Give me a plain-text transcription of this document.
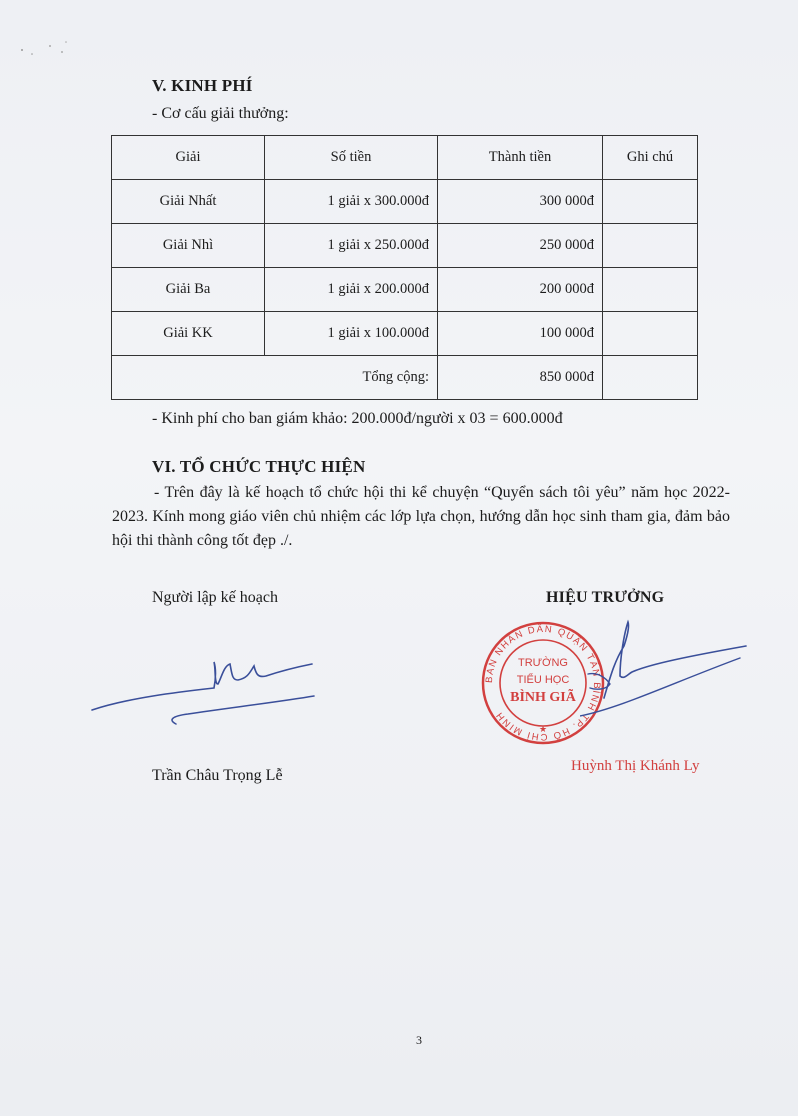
V. KINH PHÍ
- Cơ cấu giải thưởng:
Giải	Số tiền	Thành tiền	Ghi chú
Giải Nhất	1 giải x 300.000đ	300 000đ	
Giải Nhì	1 giải x 250.000đ	250 000đ	
Giải Ba	1 giải x 200.000đ	200 000đ	
Giải KK	1 giải x 100.000đ	100 000đ	
Tổng cộng:		850 000đ	
- Kinh phí cho ban giám khảo: 200.000đ/người x 03 = 600.000đ
VI. TỔ CHỨC THỰC HIỆN
- Trên đây là kế hoạch tổ chức hội thi kể chuyện “Quyển sách tôi yêu” năm học 2022-2023. Kính mong giáo viên chủ nhiệm các lớp lựa chọn, hướng dẫn học sinh tham gia, đảm bảo hội thi thành công tốt đẹp ./.
Người lập kế hoạch	HIỆU TRƯỞNG
BAN NHÂN DÂN QUẬN TÂN BÌNH TP. HỒ CHÍ MINH
TRƯỜNG
TIỂU HỌC
BÌNH GIÃ
★
Huỳnh Thị Khánh Ly
Trần Châu Trọng Lễ
3
